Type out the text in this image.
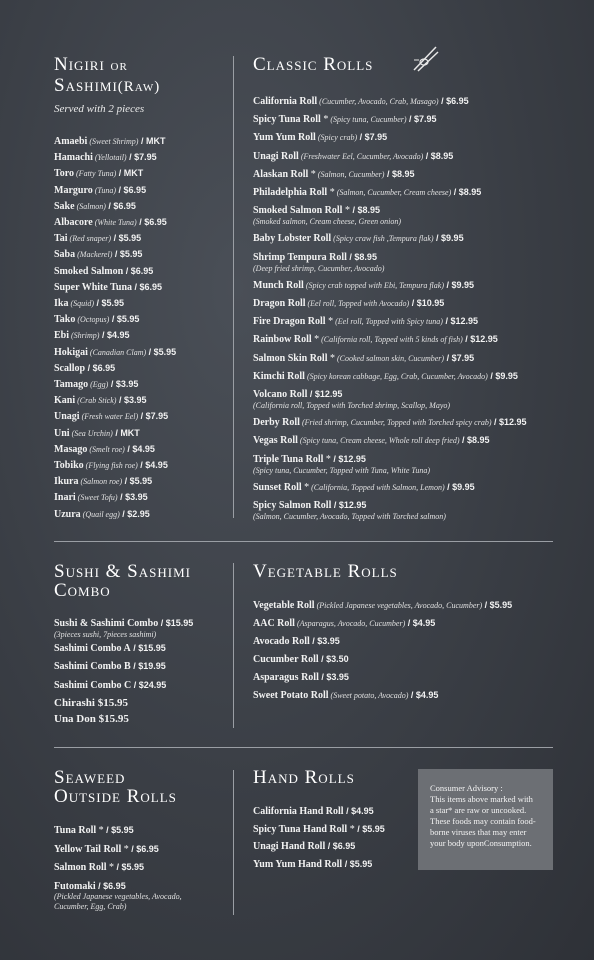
Nigiri or
Sashimi(Raw)
Served with 2 pieces
Amaebi (Sweet Shrimp) / MKT
Hamachi (Yellotail) / $7.95
Toro (Fatty Tuna) / MKT
Marguro (Tuna) / $6.95
Sake (Salmon) / $6.95
Albacore (White Tuna) / $6.95
Tai (Red snaper) / $5.95
Saba (Mackerel) / $5.95
Smoked Salmon / $6.95
Super White Tuna / $6.95
Ika (Squid) / $5.95
Tako (Octopus) / $5.95
Ebi (Shrimp) / $4.95
Hokigai (Canadian Clam) / $5.95
Scallop / $6.95
Tamago (Egg) / $3.95
Kani (Crab Stick) / $3.95
Unagi (Fresh water Eel) / $7.95
Uni (Sea Urchin) / MKT
Masago (Smelt roe) / $4.95
Tobiko (Flying fish roe) / $4.95
Ikura (Salmon roe) / $5.95
Inari (Sweet Tofu) / $3.95
Uzura (Quail egg) / $2.95
Classic Rolls
California Roll (Cucumber, Avocado, Crab, Masago) / $6.95
Spicy Tuna Roll * (Spicy tuna, Cucumber) / $7.95
Yum Yum Roll (Spicy crab) / $7.95
Unagi Roll (Freshwater Eel, Cucumber, Avocado) / $8.95
Alaskan Roll * (Salmon, Cucumber) / $8.95
Philadelphia Roll * (Salmon, Cucumber, Cream cheese) / $8.95
Smoked Salmon Roll * / $8.95
(Smoked salmon, Cream cheese, Green onion)
Baby Lobster Roll (Spicy craw fish ,Tempura flak) / $9.95
Shrimp Tempura Roll / $8.95
(Deep fried shrimp, Cucumber, Avocado)
Munch Roll (Spicy crab topped with Ebi, Tempura flak) / $9.95
Dragon Roll (Eel roll, Topped with Avocado) / $10.95
Fire Dragon Roll * (Eel roll, Topped with Spicy tuna) / $12.95
Rainbow Roll * (California roll, Topped with 5 kinds of fish) / $12.95
Salmon Skin Roll * (Cooked salmon skin, Cucumber) / $7.95
Kimchi Roll (Spicy korean cabbage, Egg, Crab, Cucumber, Avocado) / $9.95
Volcano Roll / $12.95
(California roll, Topped with Torched shrimp, Scallop, Mayo)
Derby Roll (Fried shrimp, Cucumber, Topped with Torched spicy crab) / $12.95
Vegas Roll (Spicy tuna, Cream cheese, Whole roll deep fried) / $8.95
Triple Tuna Roll * / $12.95
(Spicy tuna, Cucumber, Topped with Tuna, White Tuna)
Sunset Roll * (California, Topped with Salmon, Lemon) / $9.95
Spicy Salmon Roll / $12.95
(Salmon, Cucumber, Avocado, Topped with Torched salmon)
Sushi & Sashimi
Combo
Sushi & Sashimi Combo / $15.95
(3pieces sushi, 7pieces sashimi)
Sashimi Combo A / $15.95
Sashimi Combo B / $19.95
Sashimi Combo C / $24.95
Chirashi $15.95
Una Don $15.95
Vegetable Rolls
Vegetable Roll (Pickled Japanese vegetables, Avocado, Cucumber) / $5.95
AAC Roll (Asparagus, Avocado, Cucumber) / $4.95
Avocado Roll / $3.95
Cucumber Roll / $3.50
Asparagus Roll / $3.95
Sweet Potato Roll (Sweet potato, Avocado) / $4.95
Seaweed
Outside Rolls
Tuna Roll * / $5.95
Yellow Tail Roll * / $6.95
Salmon Roll * / $5.95
Futomaki / $6.95
(Pickled Japanese vegetables, Avocado,
Cucumber, Egg, Crab)
Hand Rolls
California Hand Roll / $4.95
Spicy Tuna Hand Roll * / $5.95
Unagi Hand Roll / $6.95
Yum Yum Hand Roll / $5.95
Consumer Advisory :
This items above marked with
a star* are raw or uncooked.
These foods may contain food-
borne viruses that may enter
your body uponConsumption.
